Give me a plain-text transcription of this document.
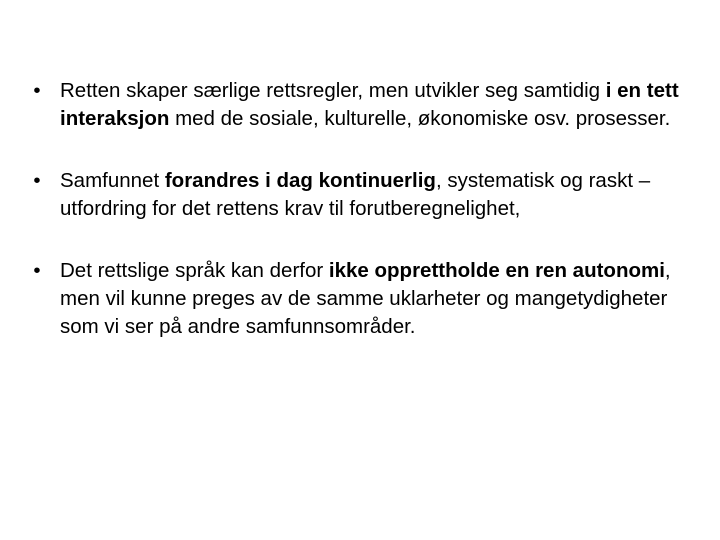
• Retten skaper særlige rettsregler, men utvikler seg samtidig i en tett interaksjon med de sosiale, kulturelle, økonomiske osv. prosesser.
• Samfunnet forandres i dag kontinuerlig, systematisk og raskt – utfordring for det rettens krav til forutberegnelighet,
• Det rettslige språk kan derfor ikke opprettholde en ren autonomi, men vil kunne preges av de samme uklarheter og mangetydigheter som vi ser på andre samfunnsområder.
